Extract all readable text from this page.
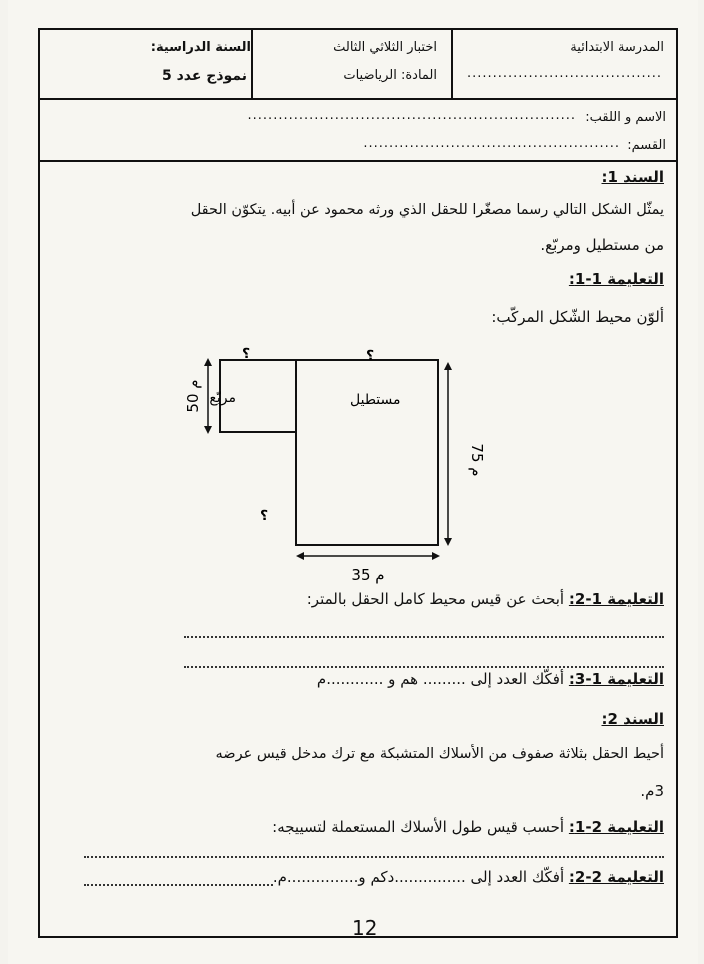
المدرسة الابتدائية
......................................
اختبار الثلاثي الثالث
المادة: الرياضيات
السنة الدراسية:
نموذج عدد 5
الاسم و اللقب:
................................................................
القسم:
..................................................
السند 1:
يمثّل الشكل التالي رسما مصغّرا للحقل الذي ورثه محمود عن أبيه. يتكوّن الحقل
من مستطيل ومربّع.
التعليمة 1-1:
ألوّن محيط الشّكل المركّب:
؟	؟
؟
مربّع	مستطيل
50 م
75 م
35 م
التعليمة 1-2: أبحث عن قيس محيط كامل الحقل بالمتر:
التعليمة 1-3: أفكّك العدد إلى ......... هم و ............م
السند 2:
أحيط الحقل بثلاثة صفوف من الأسلاك المتشبكة مع ترك مدخل قيس عرضه
3م.
التعليمة 2-1: أحسب قيس طول الأسلاك المستعملة لتسييجه:
التعليمة 2-2: أفكّك العدد إلى ...............دكم و...............م.
12
